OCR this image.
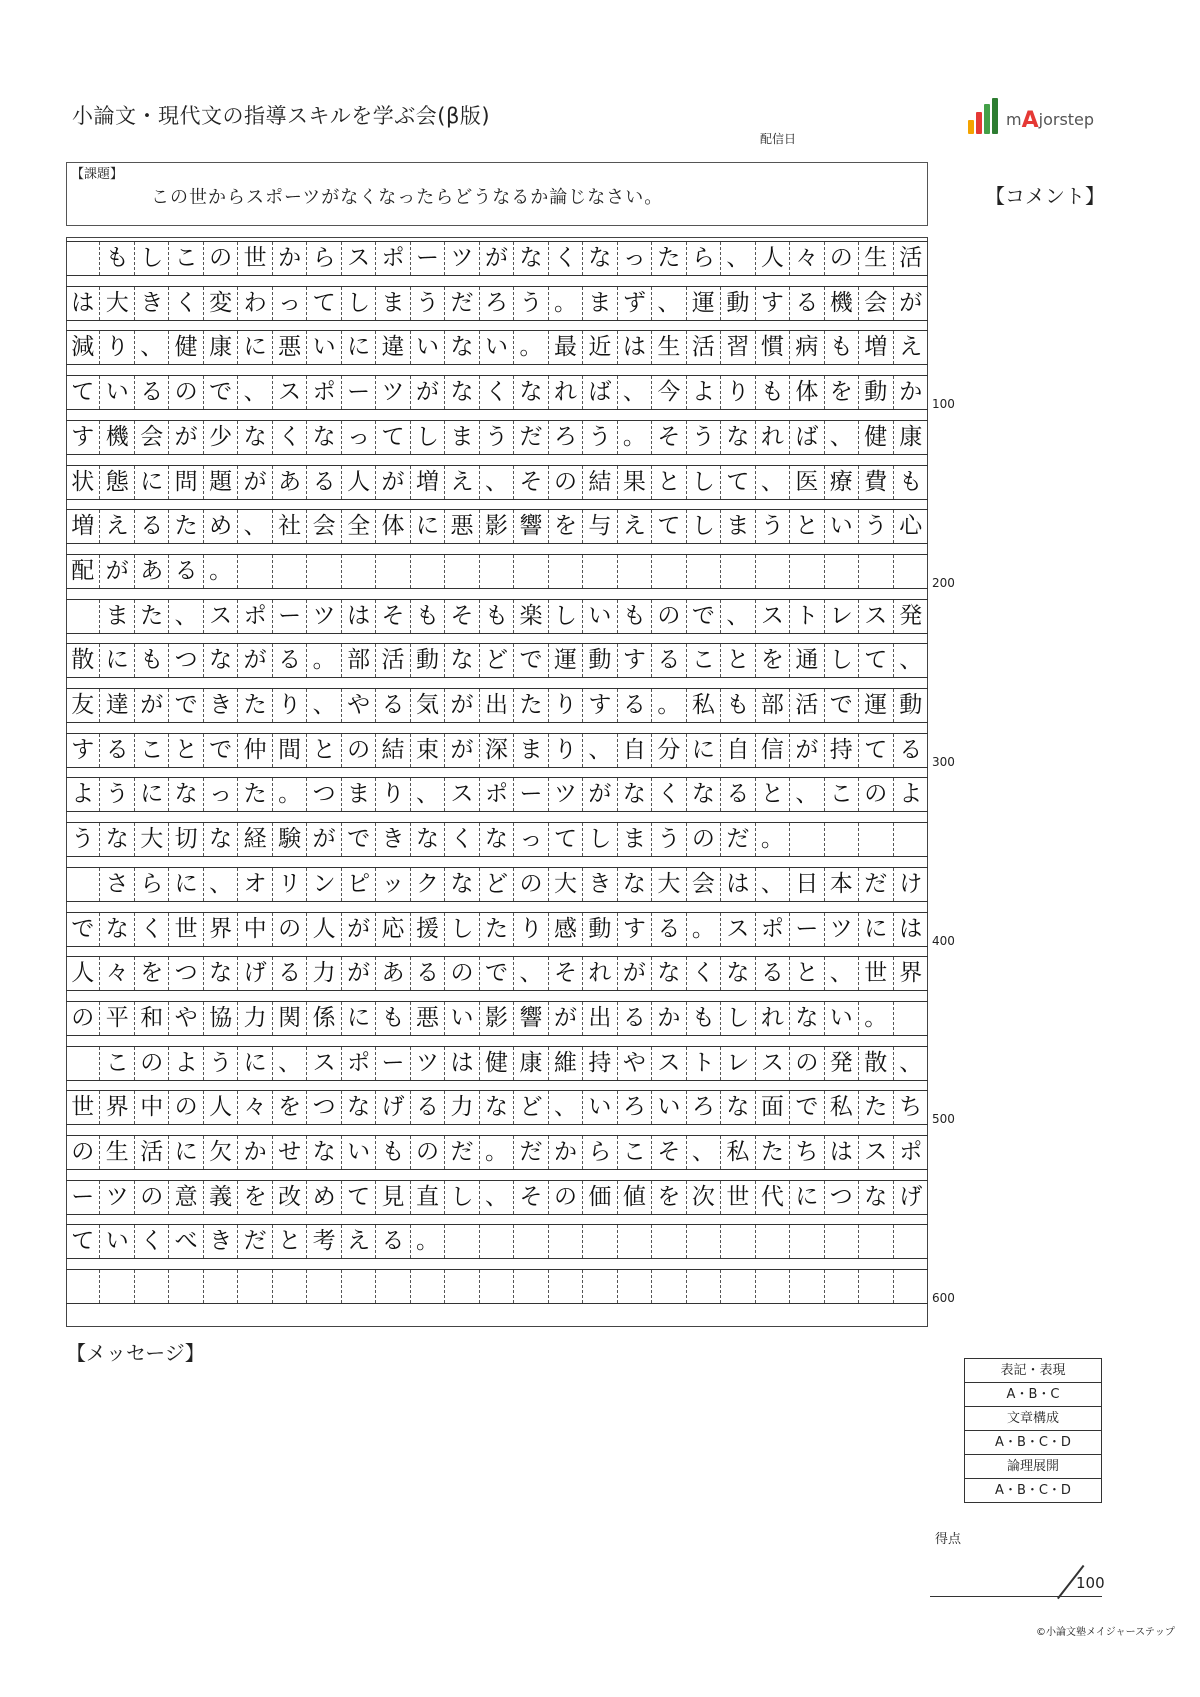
小論文・現代文の指導スキルを学ぶ会(β版)
配信日
mAjorstep
【課題】
この世からスポーツがなくなったらどうなるか論じなさい。	【コメント】
も し こ の 世 か ら ス ポ ー ツ が な く な っ た ら 、 人 々 の 生 活
は 大 き く 変 わ っ て し ま う だ ろ う 。 ま ず 、 運 動 す る 機 会 が
減 り 、 健 康 に 悪 い に 違 い な い 。 最 近 は 生 活 習 慣 病 も 増 え
て い る の で 、 ス ポ ー ツ が な く な れ ば 、 今 よ り も 体 を 動 か
す 機 会 が 少 な く な っ て し ま う だ ろ う 。 そ う な れ ば 、 健 康
状 態 に 問 題 が あ る 人 が 増 え 、 そ の 結 果 と し て 、 医 療 費 も
増 え る た め 、 社 会 全 体 に 悪 影 響 を 与 え て し ま う と い う 心
配 が あ る 。
ま た 、 ス ポ ー ツ は そ も そ も 楽 し い も の で 、 ス ト レ ス 発
散 に も つ な が る 。 部 活 動 な ど で 運 動 す る こ と を 通 し て 、
友 達 が で き た り 、 や る 気 が 出 た り す る 。 私 も 部 活 で 運 動
す る こ と で 仲 間 と の 結 束 が 深 ま り 、 自 分 に 自 信 が 持 て る
よ う に な っ た 。 つ ま り 、 ス ポ ー ツ が な く な る と 、 こ の よ
う な 大 切 な 経 験 が で き な く な っ て し ま う の だ 。
さ ら に 、 オ リ ン ピ ッ ク な ど の 大 き な 大 会 は 、 日 本 だ け
で な く 世 界 中 の 人 が 応 援 し た り 感 動 す る 。 ス ポ ー ツ に は
人 々 を つ な げ る 力 が あ る の で 、 そ れ が な く な る と 、 世 界
の 平 和 や 協 力 関 係 に も 悪 い 影 響 が 出 る か も し れ な い 。
こ の よ う に 、 ス ポ ー ツ は 健 康 維 持 や ス ト レ ス の 発 散 、
世 界 中 の 人 々 を つ な げ る 力 な ど 、 い ろ い ろ な 面 で 私 た ち
の 生 活 に 欠 か せ な い も の だ 。 だ か ら こ そ 、 私 た ち は ス ポ
ー ツ の 意 義 を 改 め て 見 直 し 、 そ の 価 値 を 次 世 代 に つ な げ
て い く べ き だ と 考 え る 。
100
200
300
400
500
600
【メッセージ】
表記・表現
A・B・C
文章構成
A・B・C・D
論理展開
A・B・C・D
得点
100
©小論文塾メイジャーステップ
